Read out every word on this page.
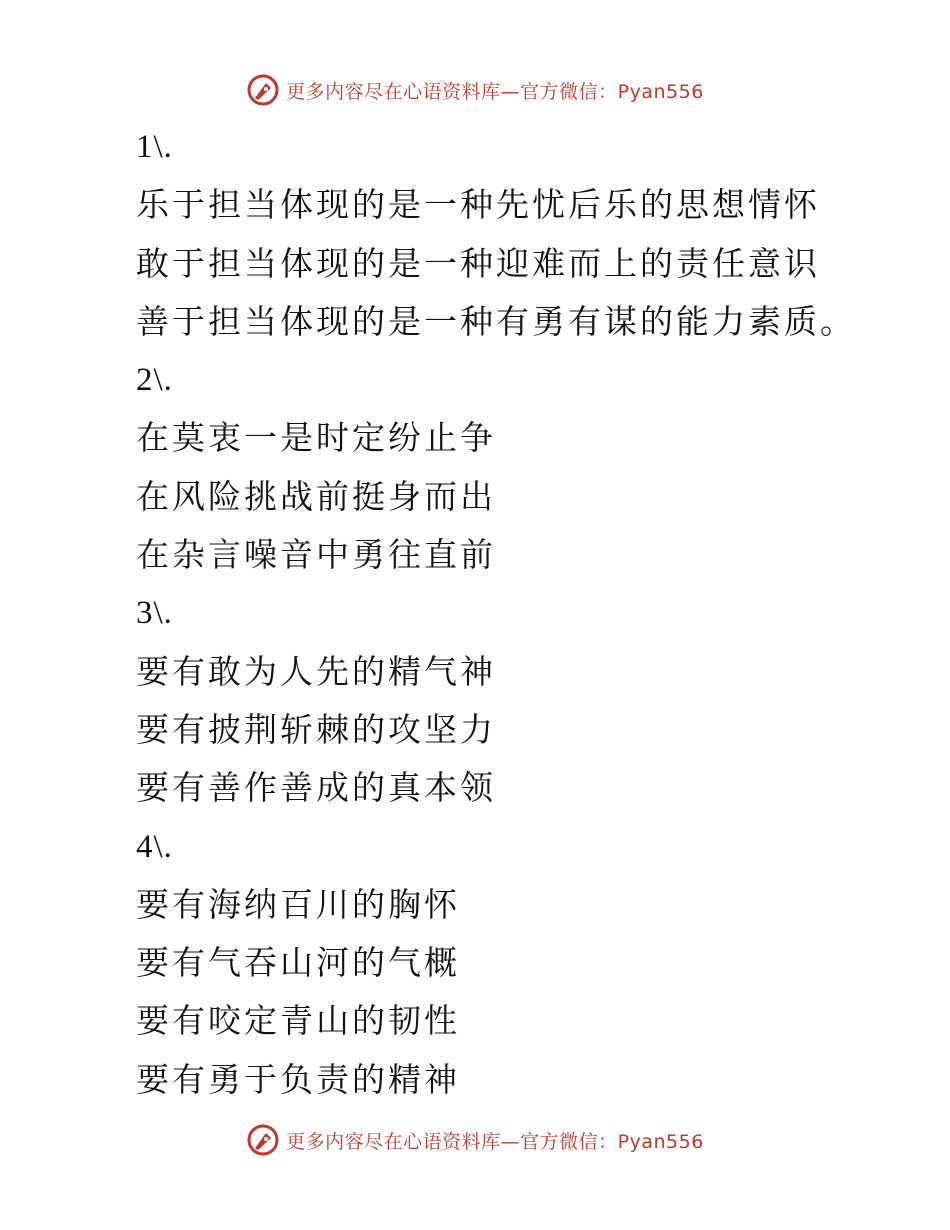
更多内容尽在心语资料库—官方微信：Pyan556
1\.
乐于担当体现的是一种先忧后乐的思想情怀
敢于担当体现的是一种迎难而上的责任意识
善于担当体现的是一种有勇有谋的能力素质。
2\.
在莫衷一是时定纷止争
在风险挑战前挺身而出
在杂言噪音中勇往直前
3\.
要有敢为人先的精气神
要有披荆斩棘的攻坚力
要有善作善成的真本领
4\.
要有海纳百川的胸怀
要有气吞山河的气概
要有咬定青山的韧性
要有勇于负责的精神
更多内容尽在心语资料库—官方微信：Pyan556
